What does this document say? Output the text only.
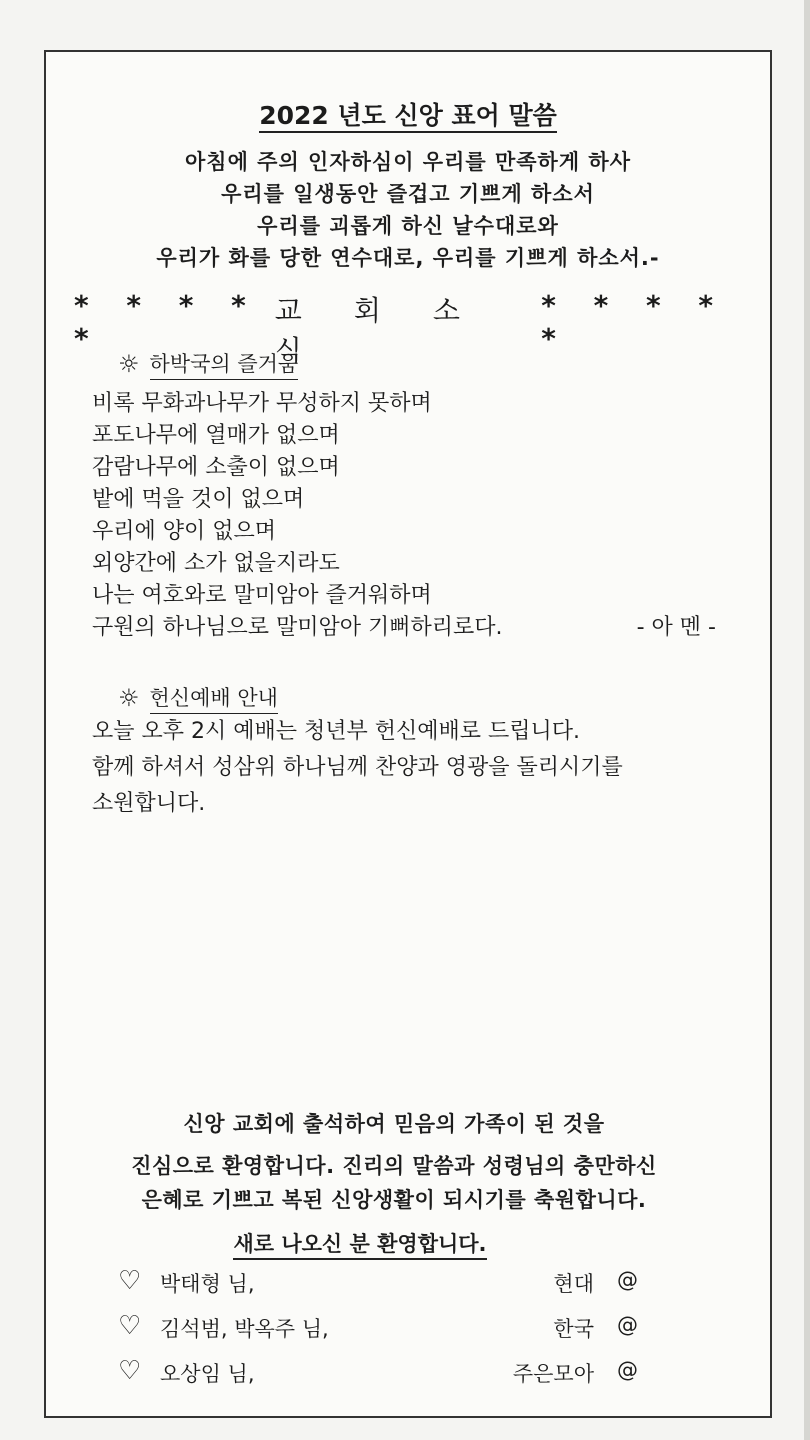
2022 년도 신앙 표어 말씀
아침에 주의 인자하심이 우리를 만족하게 하사
우리를 일생동안 즐겁고 기쁘게 하소서
우리를 괴롭게 하신 날수대로와
우리가 화를 당한 연수대로, 우리를 기쁘게 하소서.-
* * * * *
교회소식
* * * * *
☼ 하박국의 즐거움
비록 무화과나무가 무성하지 못하며
포도나무에 열매가 없으며
감람나무에 소출이 없으며
밭에 먹을 것이 없으며
우리에 양이 없으며
외양간에 소가 없을지라도
나는 여호와로 말미암아 즐거워하며
구원의 하나님으로 말미암아 기뻐하리로다.	- 아 멘 -
☼ 헌신예배 안내
오늘 오후 2시 예배는 청년부 헌신예배로 드립니다.
함께 하셔서 성삼위 하나님께 찬양과 영광을 돌리시기를
소원합니다.
신앙 교회에 출석하여 믿음의 가족이 된 것을
진심으로 환영합니다. 진리의 말씀과 성령님의 충만하신
은혜로 기쁘고 복된 신앙생활이 되시기를 축원합니다.
새로 나오신 분 환영합니다.
♡ 박태형 님,	현대 @
♡ 김석범, 박옥주 님,	한국 @
♡ 오상임 님,	주은모아 @
